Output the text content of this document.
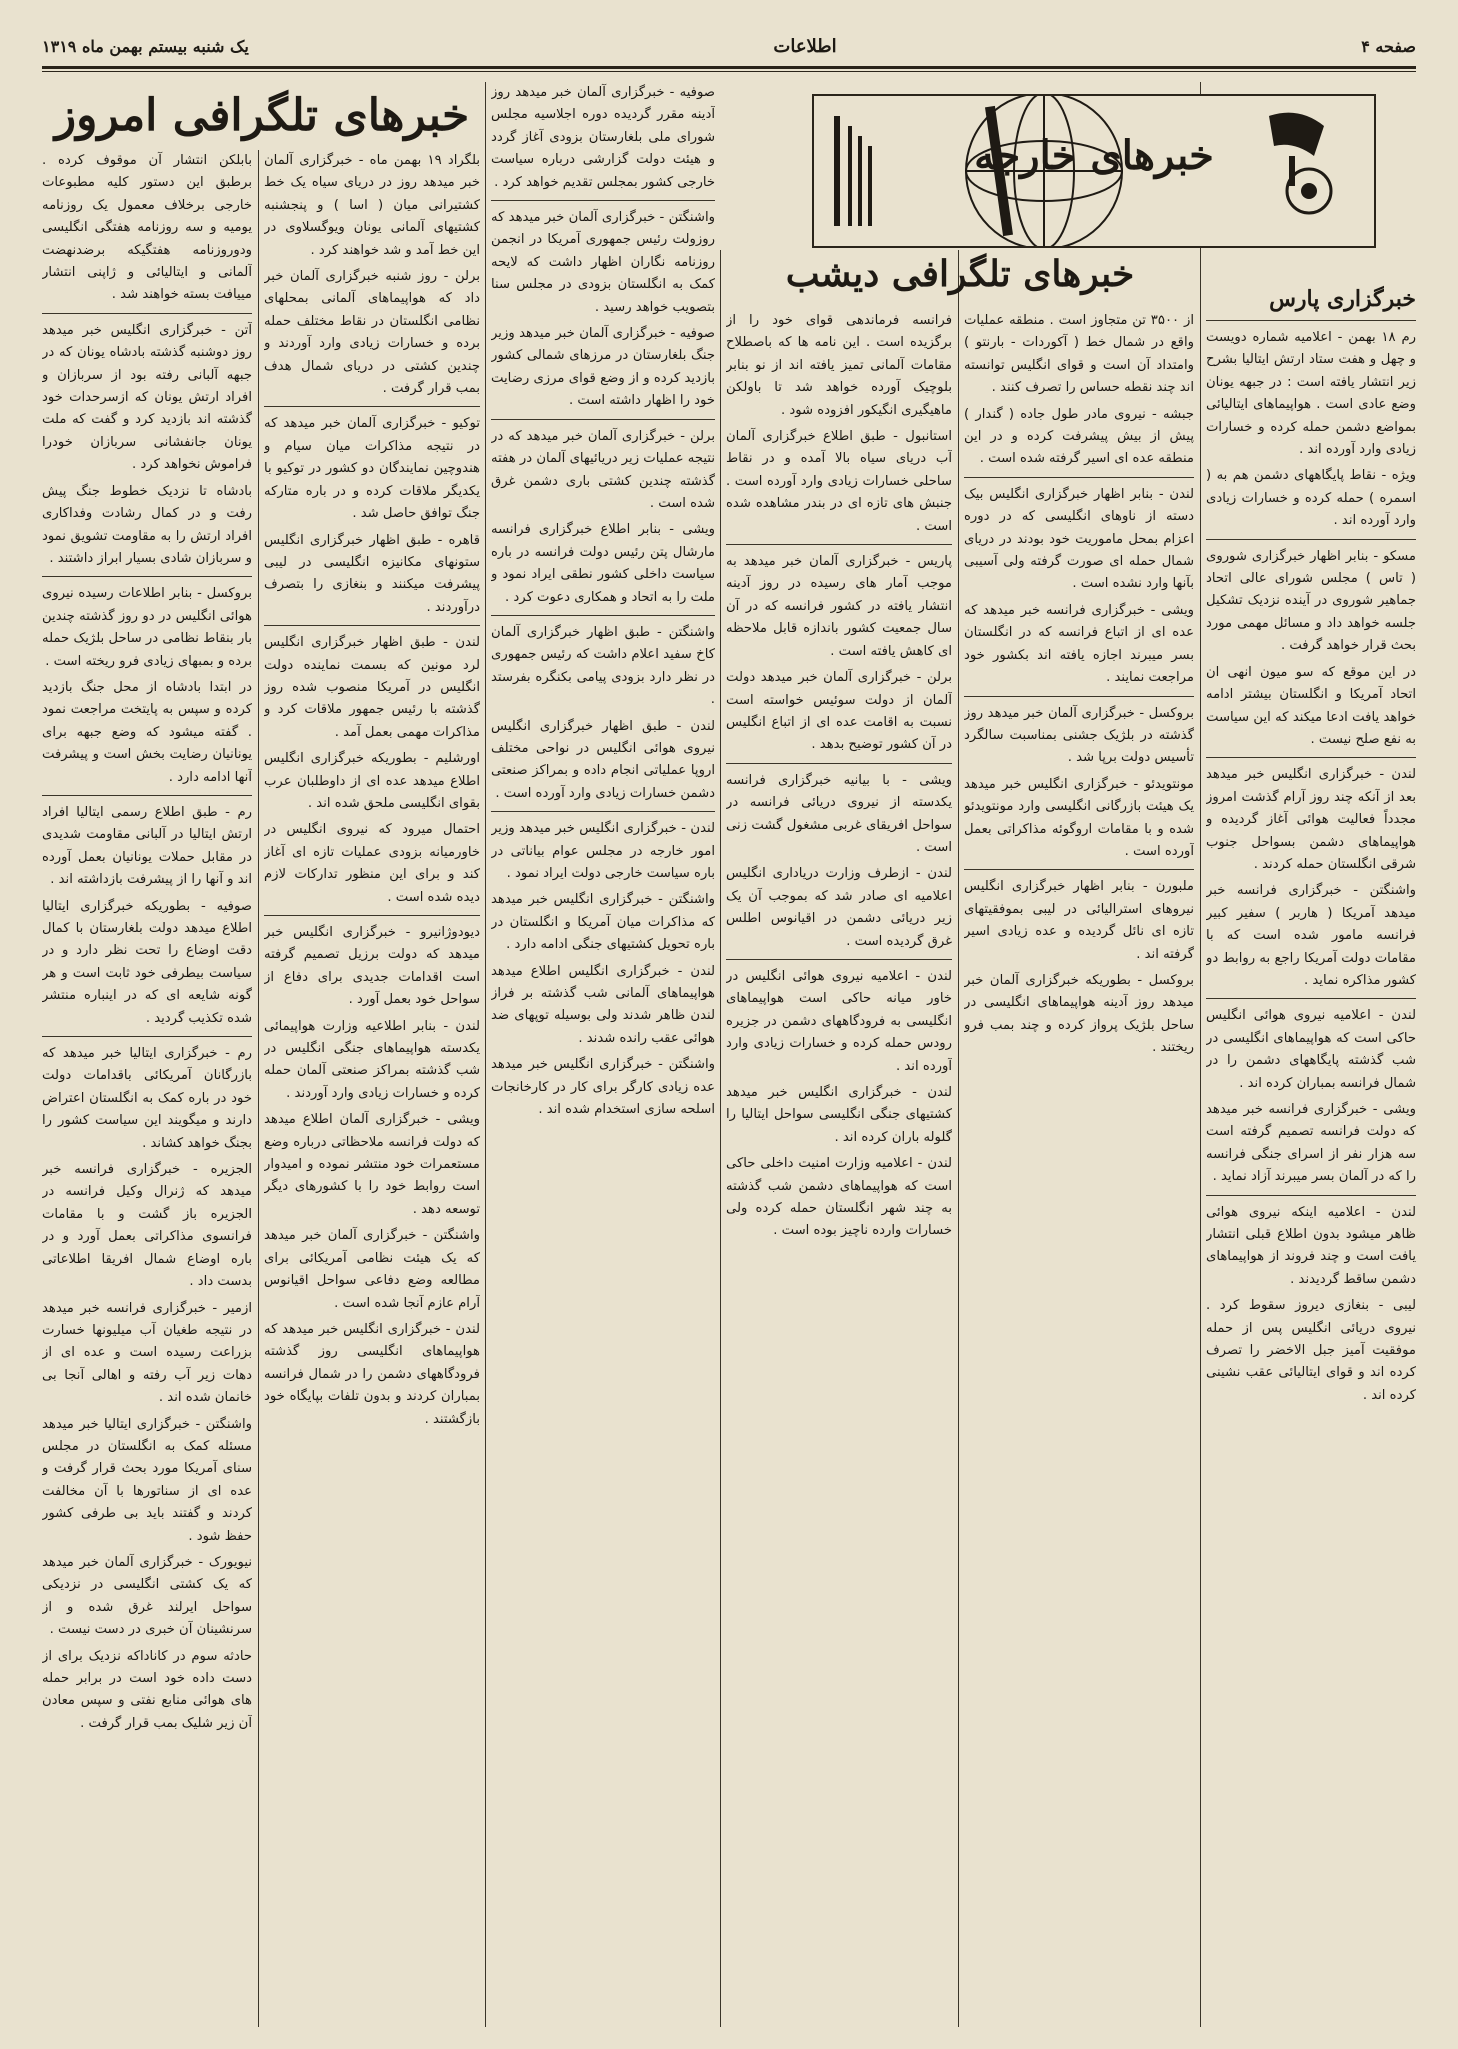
صفحه ۴
اطلاعات
یک شنبه بیستم بهمن ماه ۱۳۱۹
خبرهای خارجه
خبرگزاری پارس

رم ۱۸ بهمن - اعلامیه شماره دویست و چهل و هفت ستاد ارتش ایتالیا بشرح زیر انتشار یافته است : در جبهه یونان وضع عادی است . هواپیماهای ایتالیائی بمواضع دشمن حمله کرده و خسارات زیادی وارد آورده اند .

ویژه - نقاط پایگاههای دشمن هم به ( اسمره ) حمله کرده و خسارات زیادی وارد آورده اند .

مسکو - بنابر اظهار خبرگزاری شوروی ( تاس ) مجلس شورای عالی اتحاد جماهیر شوروی در آینده نزدیک تشکیل جلسه خواهد داد و مسائل مهمی مورد بحث قرار خواهد گرفت .

در این موقع که سو میون انهی ان اتحاد آمریکا و انگلستان بیشتر ادامه خواهد یافت ادعا میکند که این سیاست به نفع صلح نیست .

لندن - خبرگزاری انگلیس خبر میدهد بعد از آنکه چند روز آرام گذشت امروز مجدداً فعالیت هوائی آغاز گردیده و هواپیماهای دشمن بسواحل جنوب شرقی انگلستان حمله کردند .

واشنگتن - خبرگزاری فرانسه خبر میدهد آمریکا ( هاربر ) سفیر کبیر فرانسه مامور شده است که با مقامات دولت آمریکا راجع به روابط دو کشور مذاکره نماید .

لندن - اعلامیه نیروی هوائی انگلیس حاکی است که هواپیماهای انگلیسی در شب گذشته پایگاههای دشمن را در شمال فرانسه بمباران کرده اند .

ویشی - خبرگزاری فرانسه خبر میدهد که دولت فرانسه تصمیم گرفته است سه هزار نفر از اسرای جنگی فرانسه را که در آلمان بسر میبرند آزاد نماید .

لندن - اعلامیه اینکه نیروی هوائی ظاهر میشود بدون اطلاع قبلی انتشار یافت است و چند فروند از هواپیماهای دشمن ساقط گردیدند .

لیبی - بنغازی دیروز سقوط کرد . نیروی دریائی انگلیس پس از حمله موفقیت آمیز جبل الاخضر را تصرف کرده اند و قوای ایتالیائی عقب نشینی کرده اند .

خبرهای تلگرافی دیشب

از ۳۵۰۰ تن متجاوز است . منطقه عملیات واقع در شمال خط ( آکوردات - بارنتو ) وامتداد آن است و قوای انگلیس توانسته اند چند نقطه حساس را تصرف کنند .

جبشه - نیروی مادر طول جاده ( گندار ) پیش از بیش پیشرفت کرده و در این منطقه عده ای اسیر گرفته شده است .

لندن - بنابر اظهار خبرگزاری انگلیس بیک دسته از ناوهای انگلیسی که در دوره اعزام بمحل ماموریت خود بودند در دریای شمال حمله ای صورت گرفته ولی آسیبی بآنها وارد نشده است .

ویشی - خبرگزاری فرانسه خبر میدهد که عده ای از اتباع فرانسه که در انگلستان بسر میبرند اجازه یافته اند بکشور خود مراجعت نمایند .

بروکسل - خبرگزاری آلمان خبر میدهد روز گذشته در بلژیک جشنی بمناسبت سالگرد تأسیس دولت برپا شد .

مونتویدئو - خبرگزاری انگلیس خبر میدهد یک هیئت بازرگانی انگلیسی وارد مونتویدئو شده و با مقامات اروگوئه مذاکراتی بعمل آورده است .

ملبورن - بنابر اظهار خبرگزاری انگلیس نیروهای استرالیائی در لیبی بموفقیتهای تازه ای نائل گردیده و عده زیادی اسیر گرفته اند .

بروکسل - بطوریکه خبرگزاری آلمان خبر میدهد روز آدینه هواپیماهای انگلیسی در ساحل بلژیک پرواز کرده و چند بمب فرو ریختند .

فرانسه فرماندهی قوای خود را از برگزیده است . این نامه ها که باصطلاح مقامات آلمانی تمیز یافته اند از نو بنابر بلوچیک آورده خواهد شد تا باولکن ماهیگیری انگیکور افزوده شود .

استانبول - طبق اطلاع خبرگزاری آلمان آب دریای سیاه بالا آمده و در نقاط ساحلی خسارات زیادی وارد آورده است . جنبش های تازه ای در بندر مشاهده شده است .

پاریس - خبرگزاری آلمان خبر میدهد به موجب آمار های رسیده در روز آدینه انتشار یافته در کشور فرانسه که در آن سال جمعیت کشور باندازه قابل ملاحظه ای کاهش یافته است .

برلن - خبرگزاری آلمان خبر میدهد دولت آلمان از دولت سوئیس خواسته است نسبت به اقامت عده ای از اتباع انگلیس در آن کشور توضیح بدهد .

ویشی - با بیانیه خبرگزاری فرانسه یکدسته از نیروی دریائی فرانسه در سواحل افریقای غربی مشغول گشت زنی است .

لندن - ازطرف وزارت دریاداری انگلیس اعلامیه ای صادر شد که بموجب آن یک زیر دریائی دشمن در اقیانوس اطلس غرق گردیده است .

لندن - اعلامیه نیروی هوائی انگلیس در خاور میانه حاکی است هواپیماهای انگلیسی به فرودگاههای دشمن در جزیره رودس حمله کرده و خسارات زیادی وارد آورده اند .

لندن - خبرگزاری انگلیس خبر میدهد کشتیهای جنگی انگلیسی سواحل ایتالیا را گلوله باران کرده اند .

لندن - اعلامیه وزارت امنیت داخلی حاکی است که هواپیماهای دشمن شب گذشته به چند شهر انگلستان حمله کرده ولی خسارات وارده ناچیز بوده است .

صوفیه - خبرگزاری آلمان خبر میدهد روز آدینه مقرر گردیده دوره اجلاسیه مجلس شورای ملی بلغارستان بزودی آغاز گردد و هیئت دولت گزارشی درباره سیاست خارجی کشور بمجلس تقدیم خواهد کرد .

واشنگتن - خبرگزاری آلمان خبر میدهد که روزولت رئیس جمهوری آمریکا در انجمن روزنامه نگاران اظهار داشت که لایحه کمک به انگلستان بزودی در مجلس سنا بتصویب خواهد رسید .

صوفیه - خبرگزاری آلمان خبر میدهد وزیر جنگ بلغارستان در مرزهای شمالی کشور بازدید کرده و از وضع قوای مرزی رضایت خود را اظهار داشته است .

برلن - خبرگزاری آلمان خبر میدهد که در نتیجه عملیات زیر دریائیهای آلمان در هفته گذشته چندین کشتی باری دشمن غرق شده است .

ویشی - بنابر اطلاع خبرگزاری فرانسه مارشال پتن رئیس دولت فرانسه در باره سیاست داخلی کشور نطقی ایراد نمود و ملت را به اتحاد و همکاری دعوت کرد .

واشنگتن - طبق اظهار خبرگزاری آلمان کاخ سفید اعلام داشت که رئیس جمهوری در نظر دارد بزودی پیامی بکنگره بفرستد .

لندن - طبق اظهار خبرگزاری انگلیس نیروی هوائی انگلیس در نواحی مختلف اروپا عملیاتی انجام داده و بمراکز صنعتی دشمن خسارات زیادی وارد آورده است .

لندن - خبرگزاری انگلیس خبر میدهد وزیر امور خارجه در مجلس عوام بیاناتی در باره سیاست خارجی دولت ایراد نمود .

واشنگتن - خبرگزاری انگلیس خبر میدهد که مذاکرات میان آمریکا و انگلستان در باره تحویل کشتیهای جنگی ادامه دارد .

لندن - خبرگزاری انگلیس اطلاع میدهد هواپیماهای آلمانی شب گذشته بر فراز لندن ظاهر شدند ولی بوسیله توپهای ضد هوائی عقب رانده شدند .

واشنگتن - خبرگزاری انگلیس خبر میدهد عده زیادی کارگر برای کار در کارخانجات اسلحه سازی استخدام شده اند .

خبرهای تلگرافی امروز

بلگراد ۱۹ بهمن ماه - خبرگزاری آلمان خبر میدهد روز در دریای سیاه یک خط کشتیرانی میان ( اسا ) و پنجشنبه کشتیهای آلمانی یونان ویوگسلاوی در این خط آمد و شد خواهند کرد .

برلن - روز شنبه خبرگزاری آلمان خبر داد که هواپیماهای آلمانی بمحلهای نظامی انگلستان در نقاط مختلف حمله برده و خسارات زیادی وارد آوردند و چندین کشتی در دریای شمال هدف بمب قرار گرفت .

توکیو - خبرگزاری آلمان خبر میدهد که در نتیجه مذاکرات میان سیام و هندوچین نمایندگان دو کشور در توکیو با یکدیگر ملاقات کرده و در باره متارکه جنگ توافق حاصل شد .

قاهره - طبق اظهار خبرگزاری انگلیس ستونهای مکانیزه انگلیسی در لیبی پیشرفت میکنند و بنغازی را بتصرف درآوردند .

لندن - طبق اظهار خبرگزاری انگلیس لرد مونین که بسمت نماینده دولت انگلیس در آمریکا منصوب شده روز گذشته با رئیس جمهور ملاقات کرد و مذاکرات مهمی بعمل آمد .

اورشلیم - بطوریکه خبرگزاری انگلیس اطلاع میدهد عده ای از داوطلبان عرب بقوای انگلیسی ملحق شده اند .

احتمال میرود که نیروی انگلیس در خاورمیانه بزودی عملیات تازه ای آغاز کند و برای این منظور تدارکات لازم دیده شده است .

دیودوژانیرو - خبرگزاری انگلیس خبر میدهد که دولت برزیل تصمیم گرفته است اقدامات جدیدی برای دفاع از سواحل خود بعمل آورد .

لندن - بنابر اطلاعیه وزارت هواپیمائی یکدسته هواپیماهای جنگی انگلیس در شب گذشته بمراکز صنعتی آلمان حمله کرده و خسارات زیادی وارد آوردند .

ویشی - خبرگزاری آلمان اطلاع میدهد که دولت فرانسه ملاحظاتی درباره وضع مستعمرات خود منتشر نموده و امیدوار است روابط خود را با کشورهای دیگر توسعه دهد .

واشنگتن - خبرگزاری آلمان خبر میدهد که یک هیئت نظامی آمریکائی برای مطالعه وضع دفاعی سواحل اقیانوس آرام عازم آنجا شده است .

لندن - خبرگزاری انگلیس خبر میدهد که هواپیماهای انگلیسی روز گذشته فرودگاههای دشمن را در شمال فرانسه بمباران کردند و بدون تلفات بپایگاه خود بازگشتند .

بابلکن انتشار آن موقوف کرده . برطبق این دستور کلیه مطبوعات خارجی برخلاف معمول یک روزنامه یومیه و سه روزنامه هفتگی انگلیسی ودوروزنامه هفتگیکه برضدنهضت آلمانی و ایتالیائی و ژاپنی انتشار مییافت بسته خواهند شد .

آتن - خبرگزاری انگلیس خبر میدهد روز دوشنبه گذشته بادشاه یونان که در جبهه آلبانی رفته بود از سربازان و افراد ارتش یونان که ازسرحدات خود گذشته اند بازدید کرد و گفت که ملت یونان جانفشانی سربازان خودرا فراموش نخواهد کرد .

بادشاه تا نزدیک خطوط جنگ پیش رفت و در کمال رشادت وفداکاری افراد ارتش را به مقاومت تشویق نمود و سربازان شادی بسیار ابراز داشتند .

بروکسل - بنابر اطلاعات رسیده نیروی هوائی انگلیس در دو روز گذشته چندین بار بنقاط نظامی در ساحل بلژیک حمله برده و بمبهای زیادی فرو ریخته است .

در ابتدا بادشاه از محل جنگ بازدید کرده و سپس به پایتخت مراجعت نمود . گفته میشود که وضع جبهه برای یونانیان رضایت بخش است و پیشرفت آنها ادامه دارد .

رم - طبق اطلاع رسمی ایتالیا افراد ارتش ایتالیا در آلبانی مقاومت شدیدی در مقابل حملات یونانیان بعمل آورده اند و آنها را از پیشرفت بازداشته اند .

صوفیه - بطوریکه خبرگزاری ایتالیا اطلاع میدهد دولت بلغارستان با کمال دقت اوضاع را تحت نظر دارد و در سیاست بیطرفی خود ثابت است و هر گونه شایعه ای که در اینباره منتشر شده تکذیب گردید .

رم - خبرگزاری ایتالیا خبر میدهد که بازرگانان آمریکائی باقدامات دولت خود در باره کمک به انگلستان اعتراض دارند و میگویند این سیاست کشور را بجنگ خواهد کشاند .

الجزیره - خبرگزاری فرانسه خبر میدهد که ژنرال وکیل فرانسه در الجزیره باز گشت و با مقامات فرانسوی مذاکراتی بعمل آورد و در باره اوضاع شمال افریقا اطلاعاتی بدست داد .

ازمیر - خبرگزاری فرانسه خبر میدهد در نتیجه طغیان آب میلیونها خسارت بزراعت رسیده است و عده ای از دهات زیر آب رفته و اهالی آنجا بی خانمان شده اند .

واشنگتن - خبرگزاری ایتالیا خبر میدهد مسئله کمک به انگلستان در مجلس سنای آمریکا مورد بحث قرار گرفت و عده ای از سناتورها با آن مخالفت کردند و گفتند باید بی طرفی کشور حفظ شود .

نیویورک - خبرگزاری آلمان خبر میدهد که یک کشتی انگلیسی در نزدیکی سواحل ایرلند غرق شده و از سرنشینان آن خبری در دست نیست .

حادثه سوم در کاناداکه نزدیک برای از دست داده خود است در برابر حمله های هوائی منابع نفتی و سپس معادن آن زیر شلیک بمب قرار گرفت .
